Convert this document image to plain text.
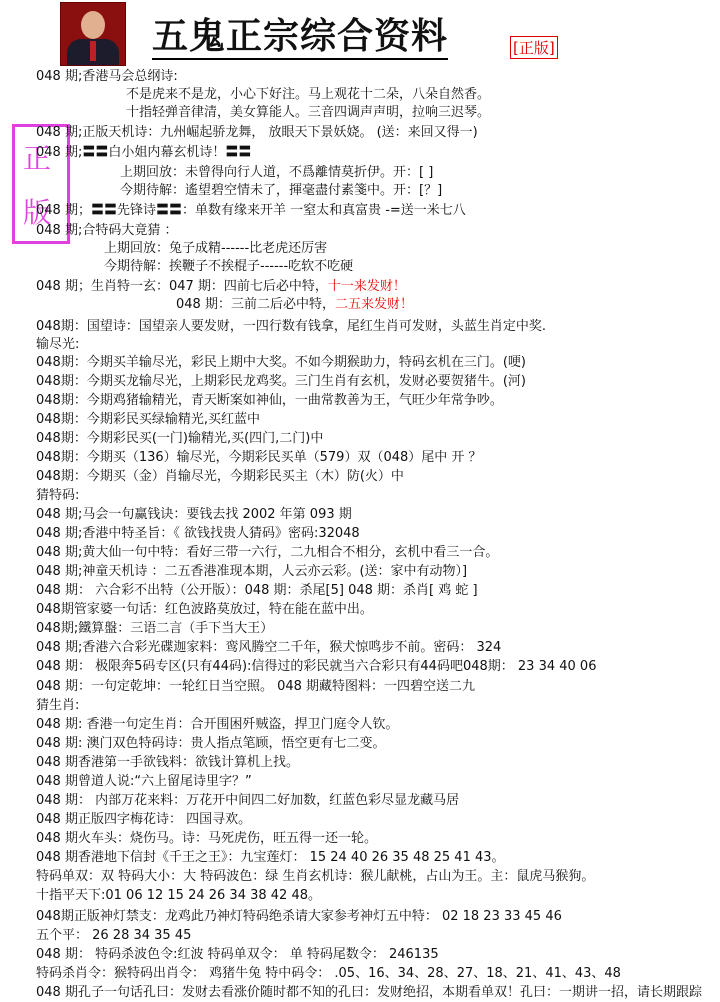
五鬼正宗综合资料	[正版]
正
版
048 期;香港马会总纲诗:
不是虎来不是龙，小心下好注。马上观花十二朵，八朵自然香。
十指轻弹音律清，美女算能人。三音四调声声明，拉响三迟琴。
048 期;正版天机诗：九州崛起骄龙舞， 放眼天下景妖娆。 (送：来回又得一)
048 期;〓〓白小姐内幕玄机诗！〓〓
上期回放：未曾得向行人道，不爲離情莫折伊。开：[ ]
今期待解：遙望碧空情未了，揮毫盡付素箋中。开：[？]
048 期；〓〓先锋诗〓〓：单数有缘来开羊 一窒太和真富贵 -=送一米七八
048 期;合特码大竟猜 ：
上期回放：兔子成精------比老虎还厉害
今期待解：挨鞭子不挨棍子------吃软不吃硬
048 期；生肖特一玄：047 期：四前七后必中特，十一来发财！
048 期：三前二后必中特，二五来发财！
048期：国望诗：国望亲人要发财，一四行数有钱拿，尾红生肖可发财，头蓝生肖定中奖.
输尽光:
048期：今期买羊输尽光，彩民上期中大奖。不如今期猴助力，特码玄机在三门。(哽)
048期：今期买龙输尽光，上期彩民龙鸡奖。三门生肖有玄机，发财必要贺猪牛。(河)
048期：今期鸡猪输精光，青天断案如神仙，一曲常教善为王，气旺少年常争吵。
048期：今期彩民买绿输精光,买红蓝中
048期：今期彩民买(一门)输精光,买(四门,二门)中
048期：今期买（136）输尽光，今期彩民买单（579）双（048）尾中 开 ？
048期：今期买（金）肖输尽光，今期彩民买主（木）防(火）中
猜特码:
048 期;马会一句赢钱诀：要钱去找 2002 年第 093 期
048 期;香港中特圣旨：《 欲钱找贵人猜码》密码:32048
048 期;黄大仙一句中特：看好三带一六行，二九相合不相分，玄机中看三一合。
048 期;神童天机诗 ：二五香港准现本期，人云亦云彩。(送：家中有动物）]
048 期： 六合彩不出特（公开版）：048 期：杀尾[5] 048 期：杀肖[ 鸡 蛇 ]
048期管家婆一句话：红色波路莫放过，特在能在蓝中出。
048期;鐵算盤：三语二言（手下当大王）
048 期;香港六合彩光碟迦家料：鸾风腾空二千年，猴犬惊鸣步不前。密码： 324
048 期： 极限奔5码专区(只有44码):信得过的彩民就当六合彩只有44码吧048期： 23 34 40 06
048 期：一句定乾坤：一轮红日当空照。 048 期藏特图料：一四碧空送二九
猜生肖:
048 期: 香港一句定生肖：合开围困歼贼盗，捍卫门庭令人钦。
048 期: 澳门双色特码诗：贵人指点笔顾，悟空更有七二变。
048 期香港第一手欲钱料：欲钱计算机上找。
048 期曾道人说:“六上留尾诗里字？”
048 期： 内部万花来料：万花开中间四二好加数，红蓝色彩尽显龙藏马居
048 期正版四字梅花诗： 四国寻欢。
048 期火车头：烧伤马。诗：马死虎伤，旺五得一还一轮。
048 期香港地下信封《千王之王》：九宝莲灯： 15 24 40 26 35 48 25 41 43。
特码单双：双 特码大小：大 特码波色：绿 生肖玄机诗：猴儿献桃，占山为王。主：鼠虎马猴狗。
十指平天下:01 06 12 15 24 26 34 38 42 48。
048期正版神灯禁支：龙鸡此乃神灯特码绝杀请大家参考神灯五中特： 02 18 23 33 45 46
五个平： 26 28 34 35 45
048 期： 特码杀波色令:红波 特码单双令： 单 特码尾数令： 246135
特码杀肖令：猴特码出肖令： 鸡猪牛兔 特中码令： .05、16、34、28、27、18、21、41、43、48
048 期孔子一句话孔曰：发财去看涨价随时都不知的孔曰：发财绝招，本期看单双！孔曰：一期讲一招，请长期跟踪
